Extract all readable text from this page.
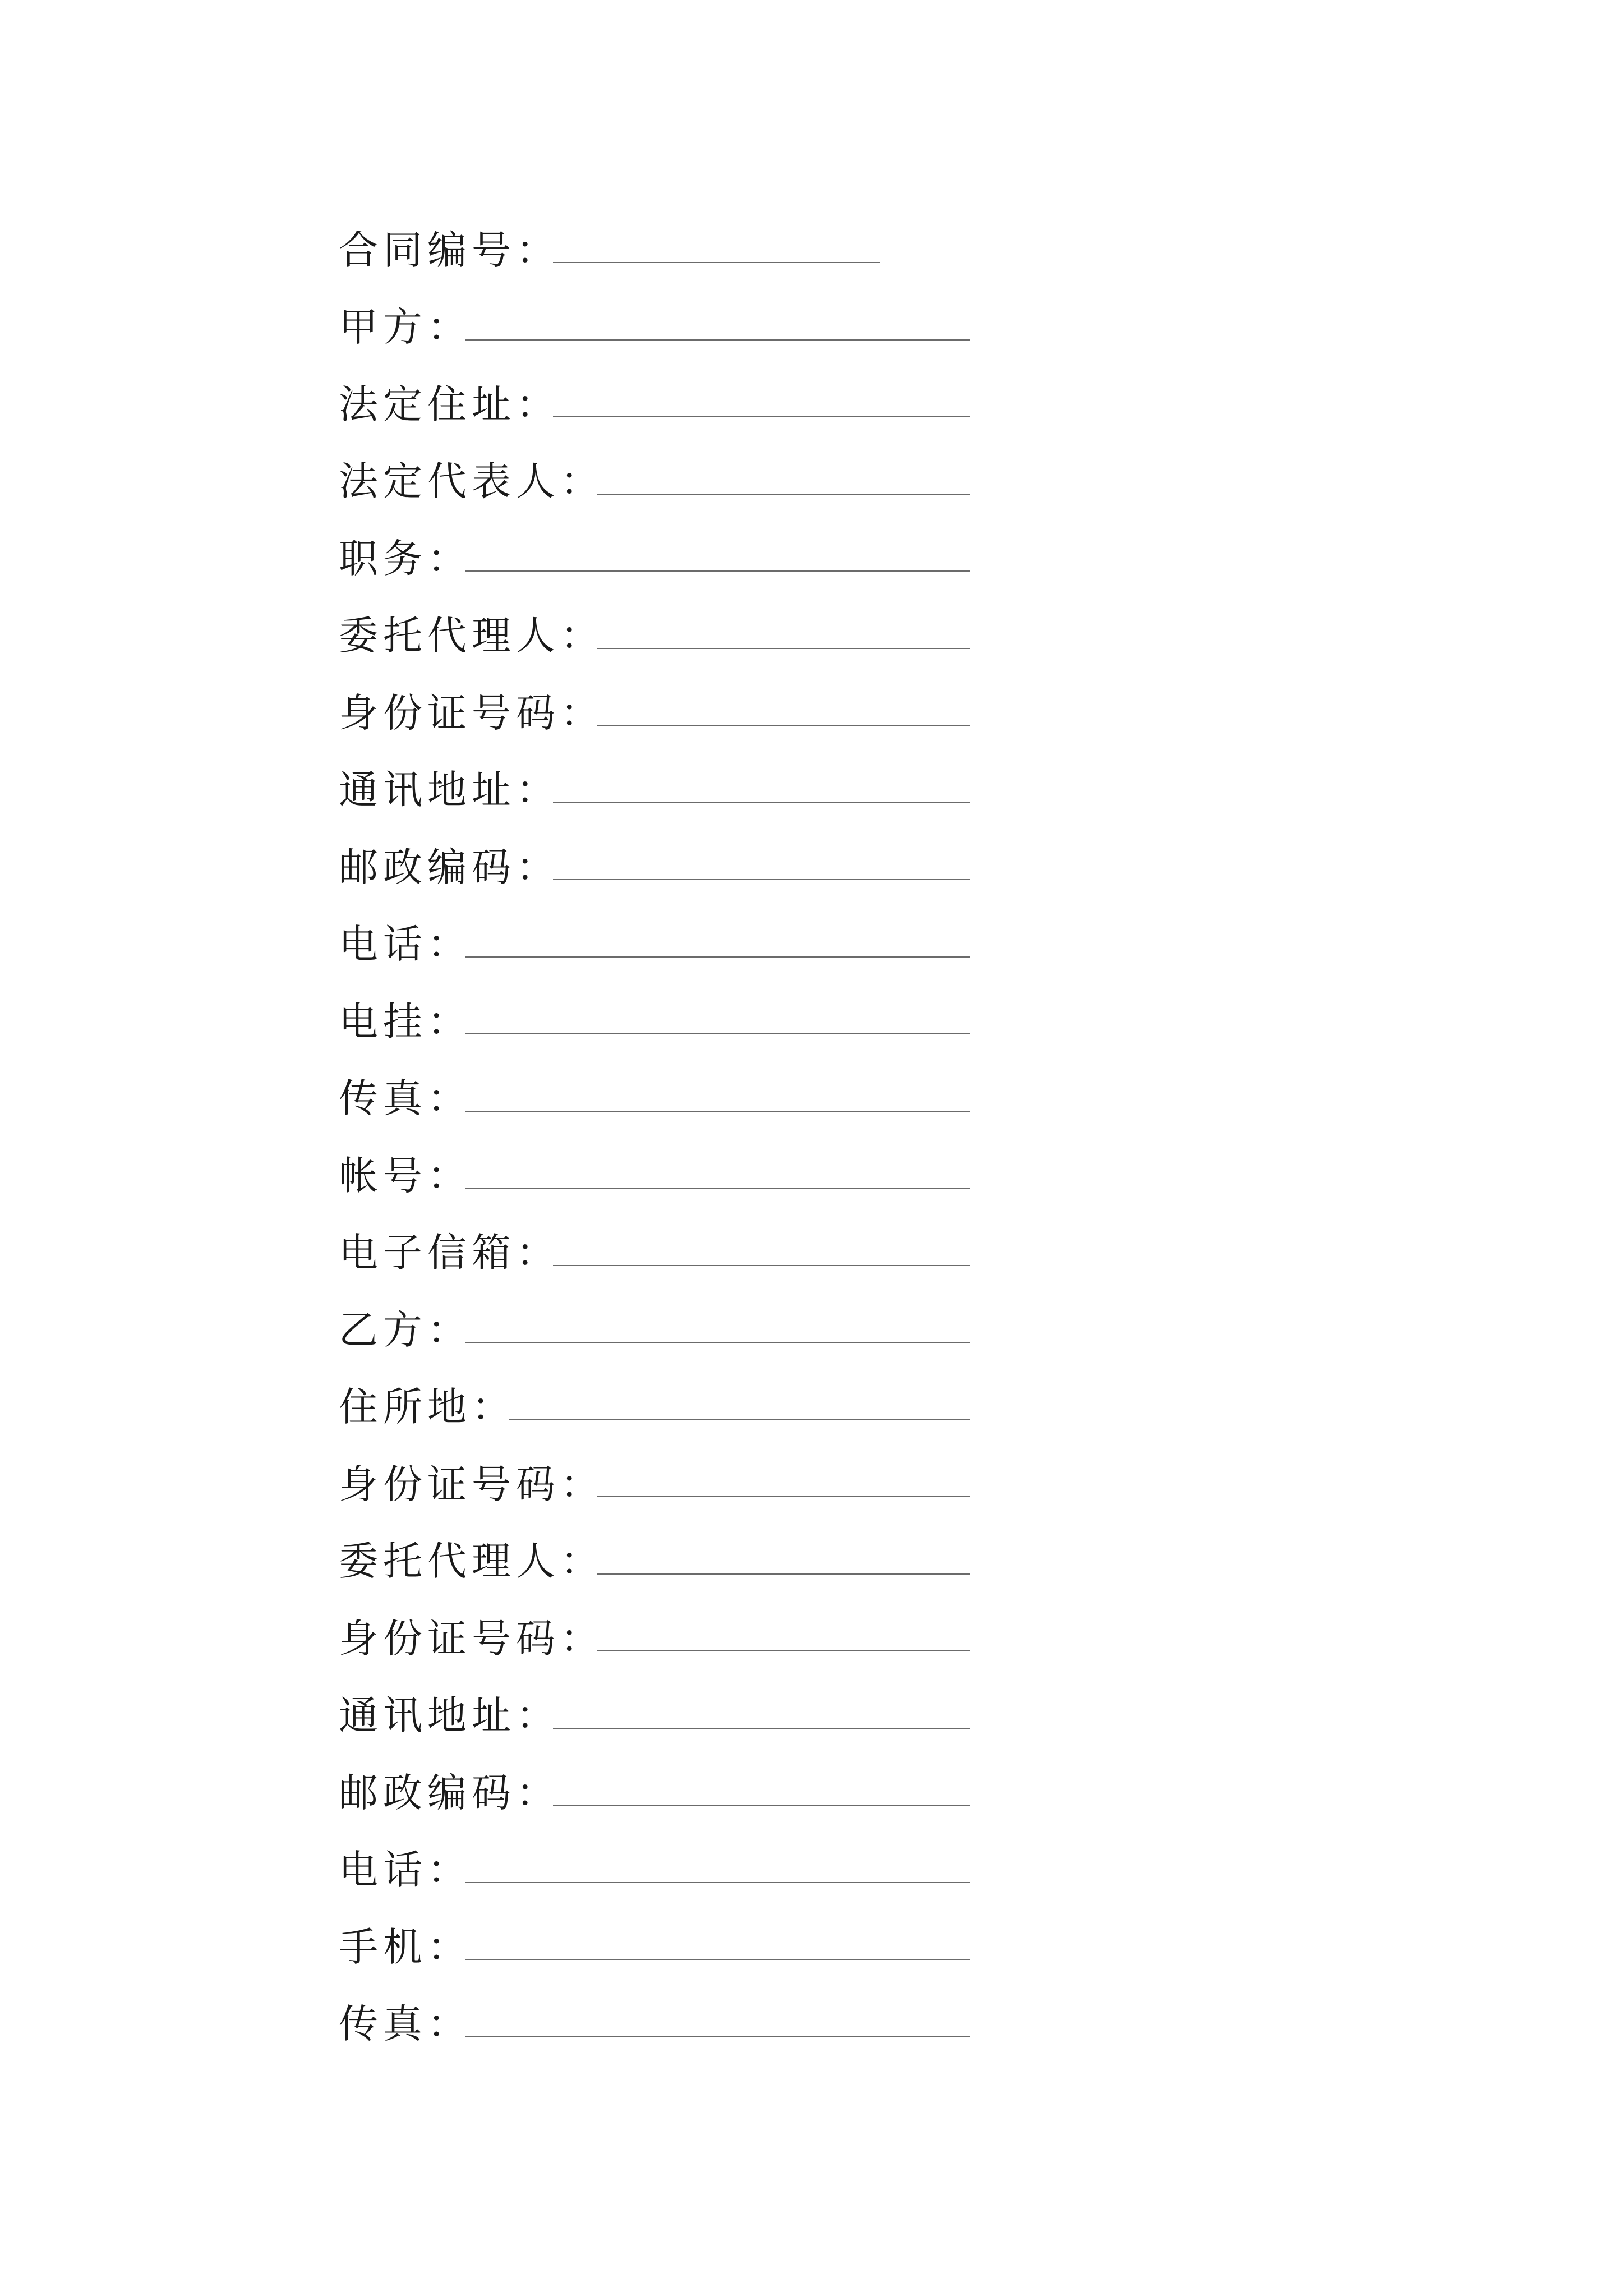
合同编号：
甲方：
法定住址：
法定代表人：
职务：
委托代理人：
身份证号码：
通讯地址：
邮政编码：
电话：
电挂：
传真：
帐号：
电子信箱：
乙方：
住所地：
身份证号码：
委托代理人：
身份证号码：
通讯地址：
邮政编码：
电话：
手机：
传真：
